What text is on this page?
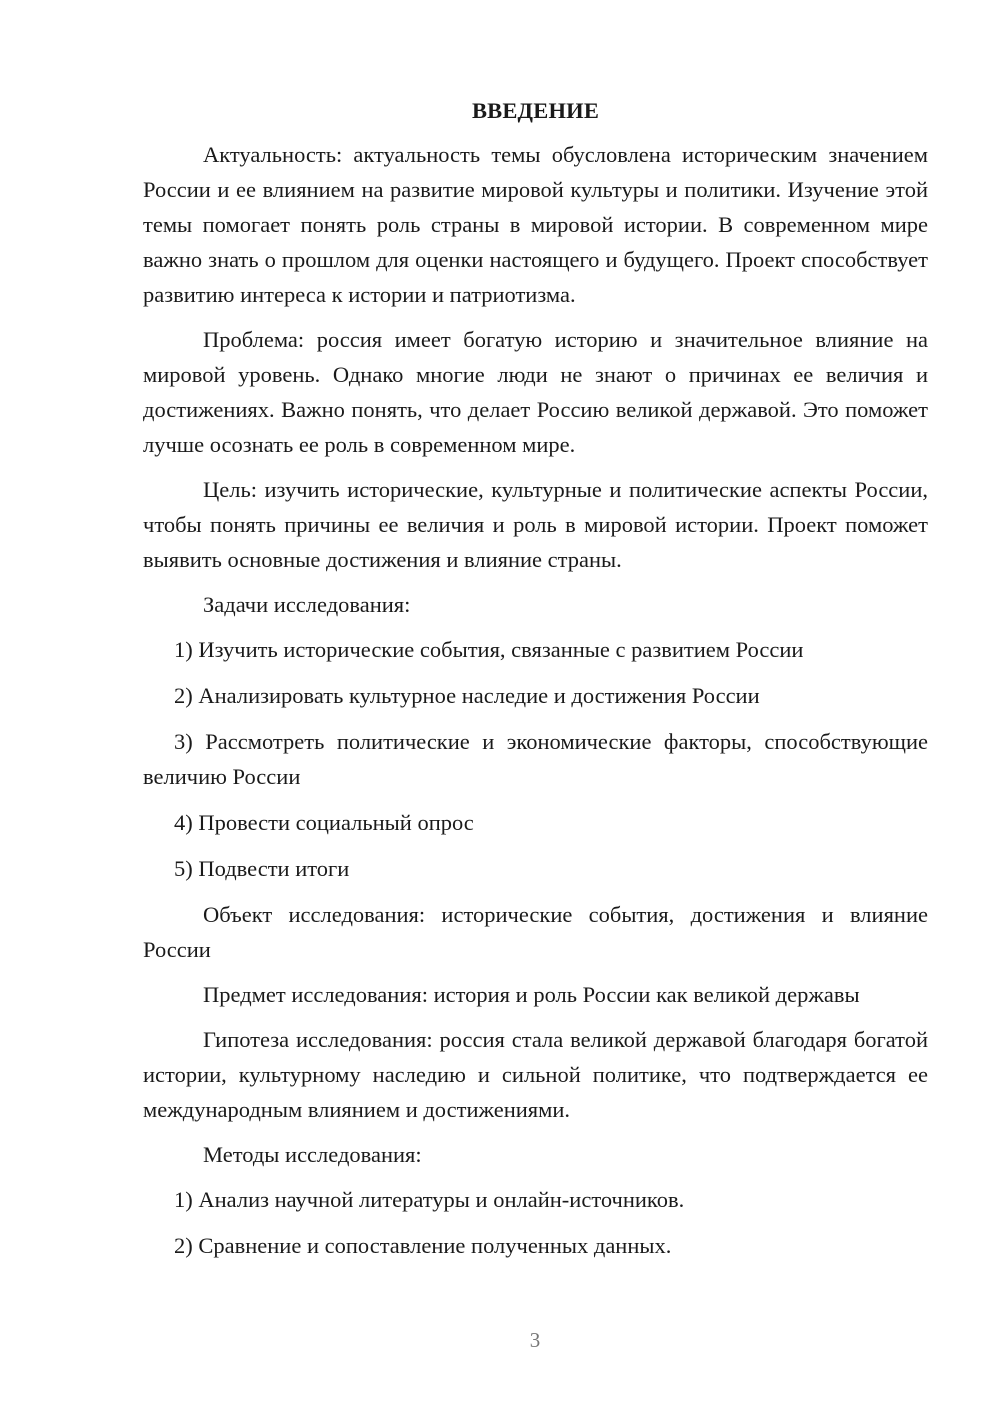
ВВЕДЕНИЕ

Актуальность: актуальность темы обусловлена историческим значением России и ее влиянием на развитие мировой культуры и политики. Изучение этой темы помогает понять роль страны в мировой истории. В современном мире важно знать о прошлом для оценки настоящего и будущего. Проект способствует развитию интереса к истории и патриотизма.

Проблема: россия имеет богатую историю и значительное влияние на мировой уровень. Однако многие люди не знают о причинах ее величия и достижениях. Важно понять, что делает Россию великой державой. Это поможет лучше осознать ее роль в современном мире.

Цель: изучить исторические, культурные и политические аспекты России, чтобы понять причины ее величия и роль в мировой истории. Проект поможет выявить основные достижения и влияние страны.

Задачи исследования:

1) Изучить исторические события, связанные с развитием России

2) Анализировать культурное наследие и достижения России

3) Рассмотреть политические и экономические факторы, способствующие величию России

4) Провести социальный опрос

5) Подвести итоги

Объект исследования: исторические события, достижения и влияние России

Предмет исследования: история и роль России как великой державы

Гипотеза исследования: россия стала великой державой благодаря богатой истории, культурному наследию и сильной политике, что подтверждается ее международным влиянием и достижениями.

Методы исследования:

1) Анализ научной литературы и онлайн-источников.

2) Сравнение и сопоставление полученных данных.

3
